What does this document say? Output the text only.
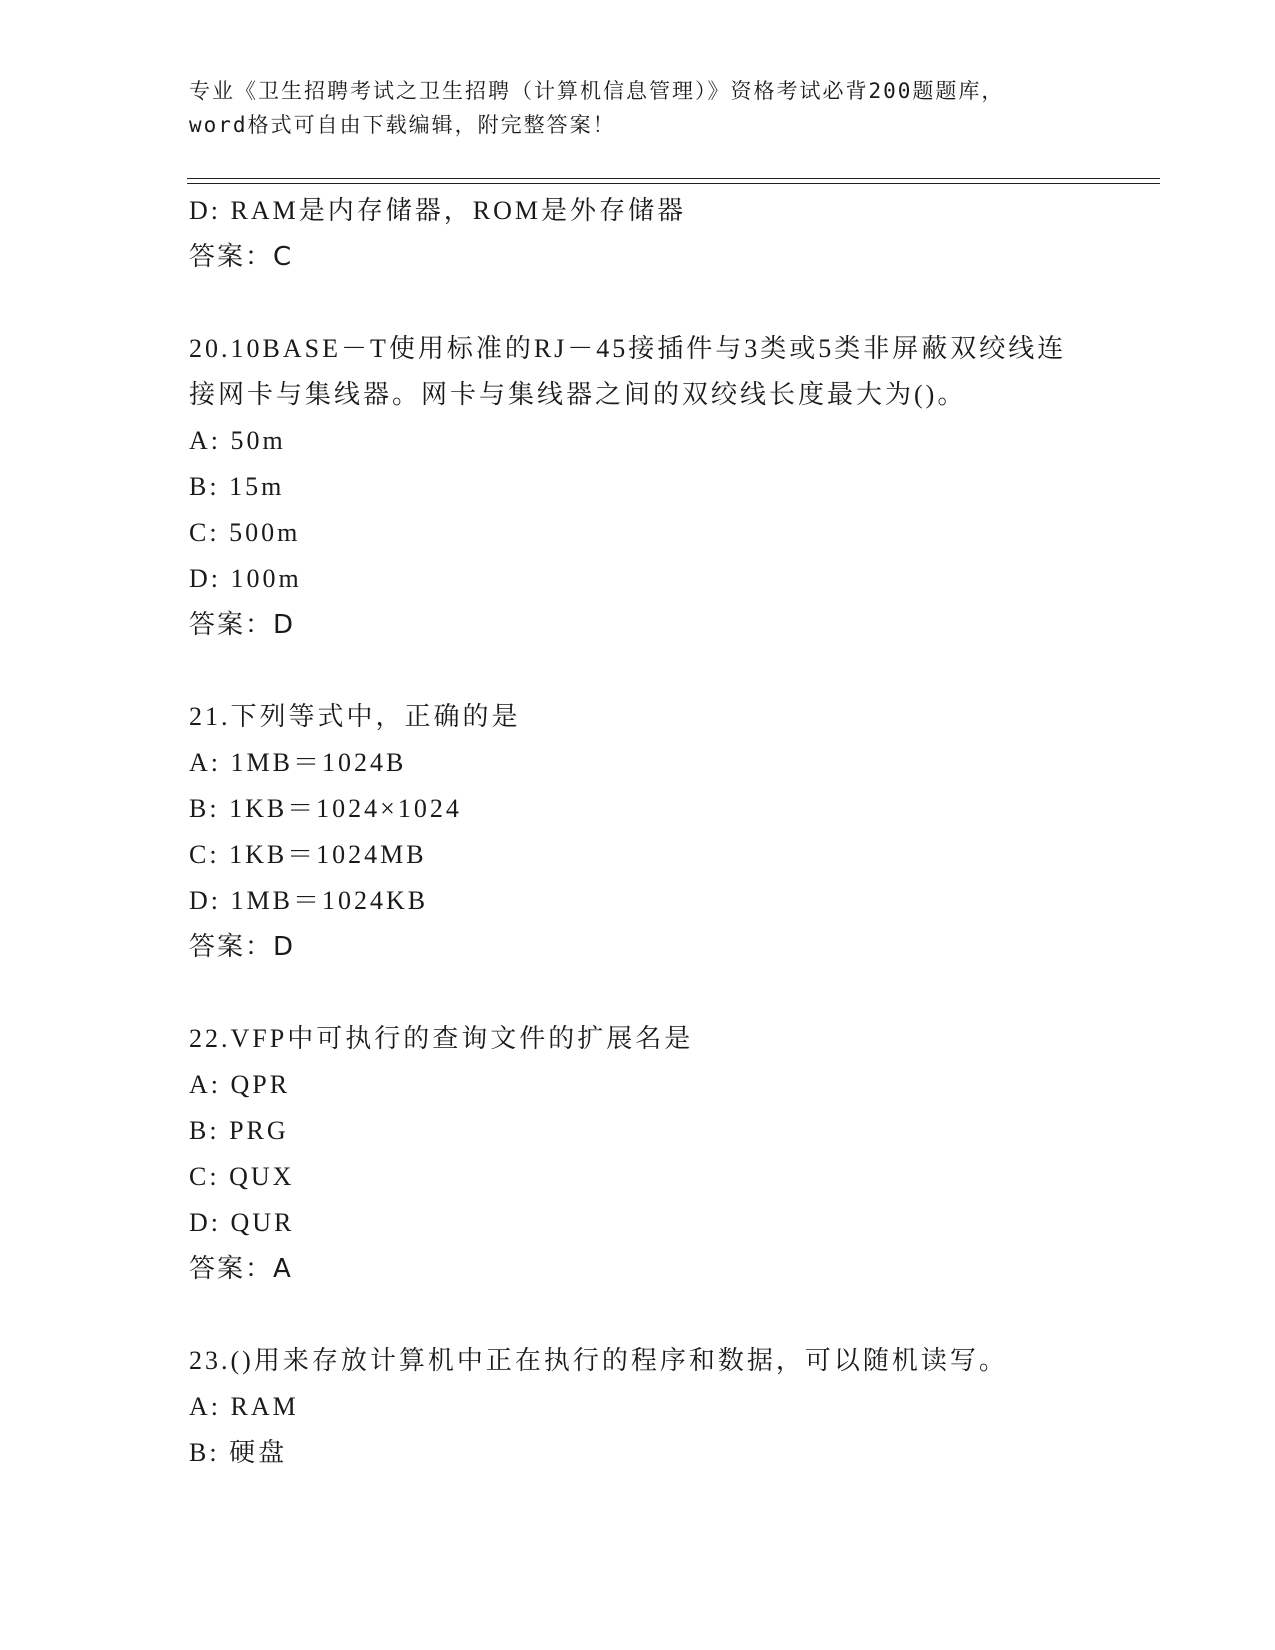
专业《卫生招聘考试之卫生招聘（计算机信息管理）》资格考试必背200题题库，
word格式可自由下载编辑，附完整答案！
D: RAM是内存储器，ROM是外存储器
答案：C
20.10BASE－T使用标准的RJ－45接插件与3类或5类非屏蔽双绞线连
接网卡与集线器。网卡与集线器之间的双绞线长度最大为()。
A: 50m
B: 15m
C: 500m
D: 100m
答案：D
21.下列等式中，正确的是
A: 1MB＝1024B
B: 1KB＝1024×1024
C: 1KB＝1024MB
D: 1MB＝1024KB
答案：D
22.VFP中可执行的查询文件的扩展名是
A: QPR
B: PRG
C: QUX
D: QUR
答案：A
23.()用来存放计算机中正在执行的程序和数据，可以随机读写。
A: RAM
B: 硬盘
